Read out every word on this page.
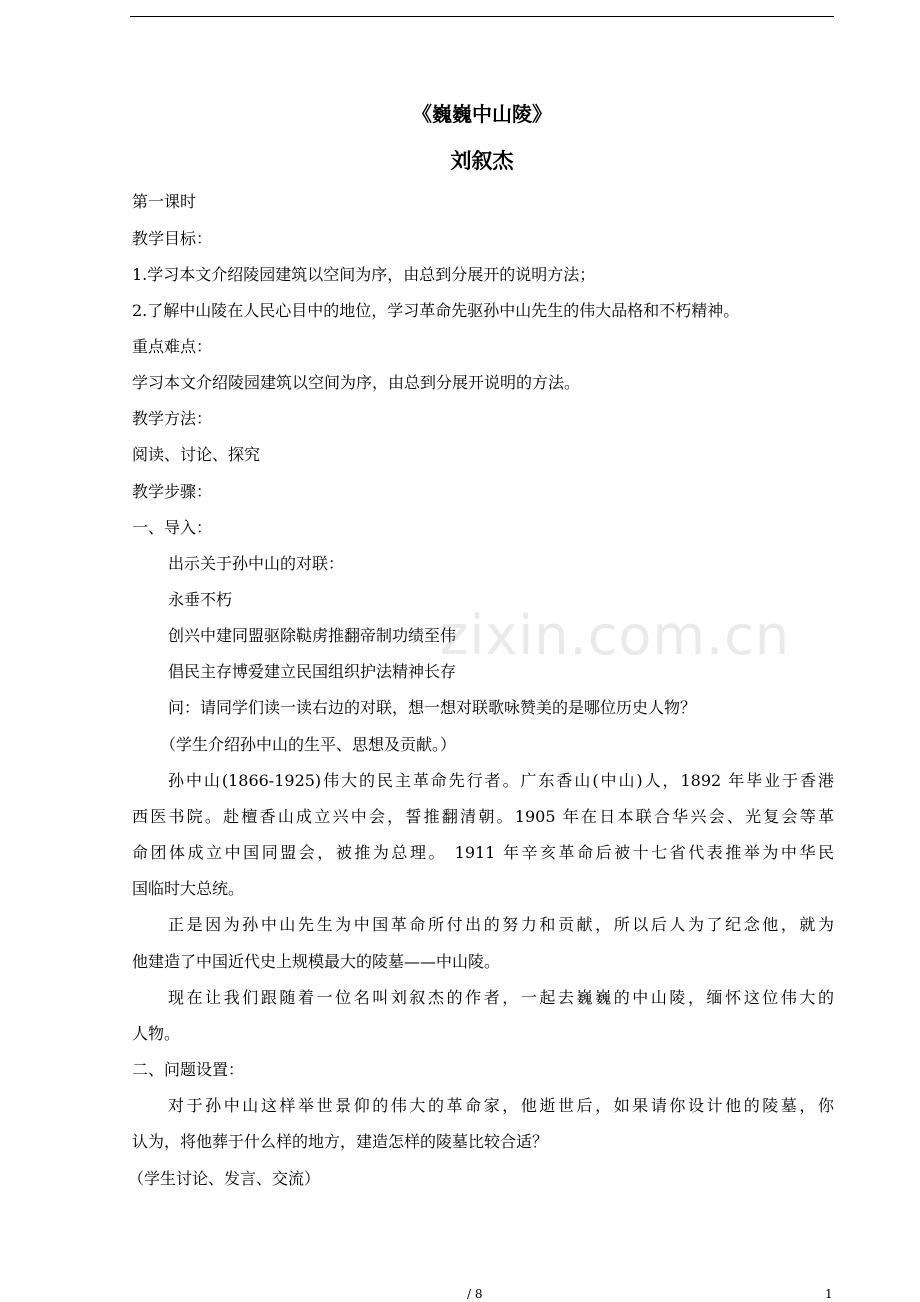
《巍巍中山陵》
刘叙杰
第一课时
教学目标：
1.学习本文介绍陵园建筑以空间为序，由总到分展开的说明方法；
2.了解中山陵在人民心目中的地位，学习革命先驱孙中山先生的伟大品格和不朽精神。
重点难点：
学习本文介绍陵园建筑以空间为序，由总到分展开说明的方法。
教学方法：
阅读、讨论、探究
教学步骤：
一、导入：
出示关于孙中山的对联：
永垂不朽
创兴中建同盟驱除鞑虏推翻帝制功绩至伟
倡民主存博爱建立民国组织护法精神长存
问：请同学们读一读右边的对联，想一想对联歌咏赞美的是哪位历史人物？
（学生介绍孙中山的生平、思想及贡献。）
孙中山(1866-1925)伟大的民主革命先行者。广东香山(中山)人，1892 年毕业于香港
西医书院。赴檀香山成立兴中会，誓推翻清朝。1905 年在日本联合华兴会、光复会等革
命团体成立中国同盟会，被推为总理。 1911 年辛亥革命后被十七省代表推举为中华民
国临时大总统。
正是因为孙中山先生为中国革命所付出的努力和贡献，所以后人为了纪念他，就为
他建造了中国近代史上规模最大的陵墓——中山陵。
现在让我们跟随着一位名叫刘叙杰的作者，一起去巍巍的中山陵，缅怀这位伟大的
人物。
二、问题设置：
对于孙中山这样举世景仰的伟大的革命家，他逝世后，如果请你设计他的陵墓，你
认为，将他葬于什么样的地方，建造怎样的陵墓比较合适？
（学生讨论、发言、交流）
zixin.com.cn
/ 8	1
